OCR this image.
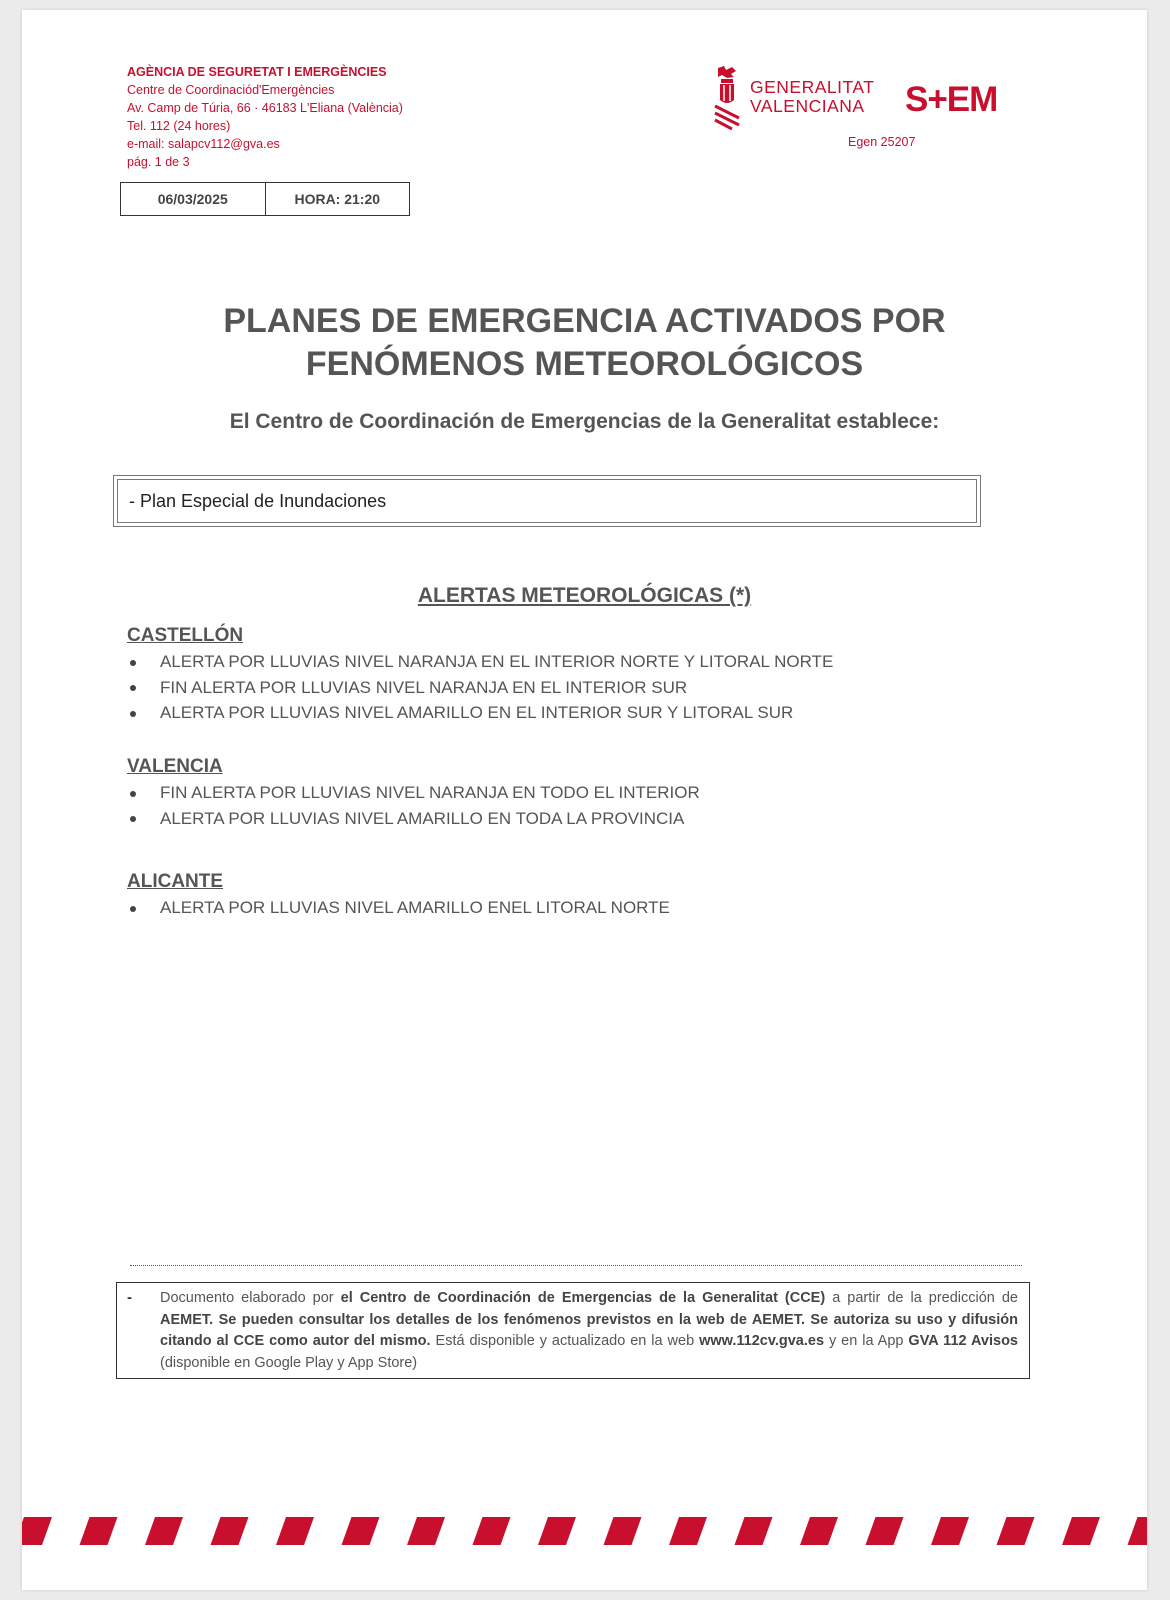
AGÈNCIA DE SEGURETAT I EMERGÈNCIES
Centre de Coordinaciód'Emergències
Av. Camp de Túria, 66 · 46183 L'Eliana (València)
Tel. 112 (24 hores)
e-mail: salapcv112@gva.es
pág. 1 de 3
06/03/2025	HORA: 21:20
GENERALITAT
VALENCIANA S+EM
Egen 25207
PLANES DE EMERGENCIA ACTIVADOS POR
FENÓMENOS METEOROLÓGICOS
El Centro de Coordinación de Emergencias de la Generalitat establece:
- Plan Especial de Inundaciones
ALERTAS METEOROLÓGICAS (*)
CASTELLÓN
ALERTA POR LLUVIAS NIVEL NARANJA EN EL INTERIOR NORTE Y LITORAL NORTE
FIN ALERTA POR LLUVIAS NIVEL NARANJA EN EL INTERIOR SUR
ALERTA POR LLUVIAS NIVEL AMARILLO EN EL INTERIOR SUR Y LITORAL SUR
VALENCIA
FIN ALERTA POR LLUVIAS NIVEL NARANJA EN TODO EL INTERIOR
ALERTA POR LLUVIAS NIVEL AMARILLO EN TODA LA PROVINCIA
ALICANTE
ALERTA POR LLUVIAS NIVEL AMARILLO ENEL LITORAL NORTE
- Documento elaborado por el Centro de Coordinación de Emergencias de la Generalitat (CCE) a partir de la predicción de AEMET. Se pueden consultar los detalles de los fenómenos previstos en la web de AEMET. Se autoriza su uso y difusión citando al CCE como autor del mismo. Está disponible y actualizado en la web www.112cv.gva.es y en la App GVA 112 Avisos (disponible en Google Play y App Store)
